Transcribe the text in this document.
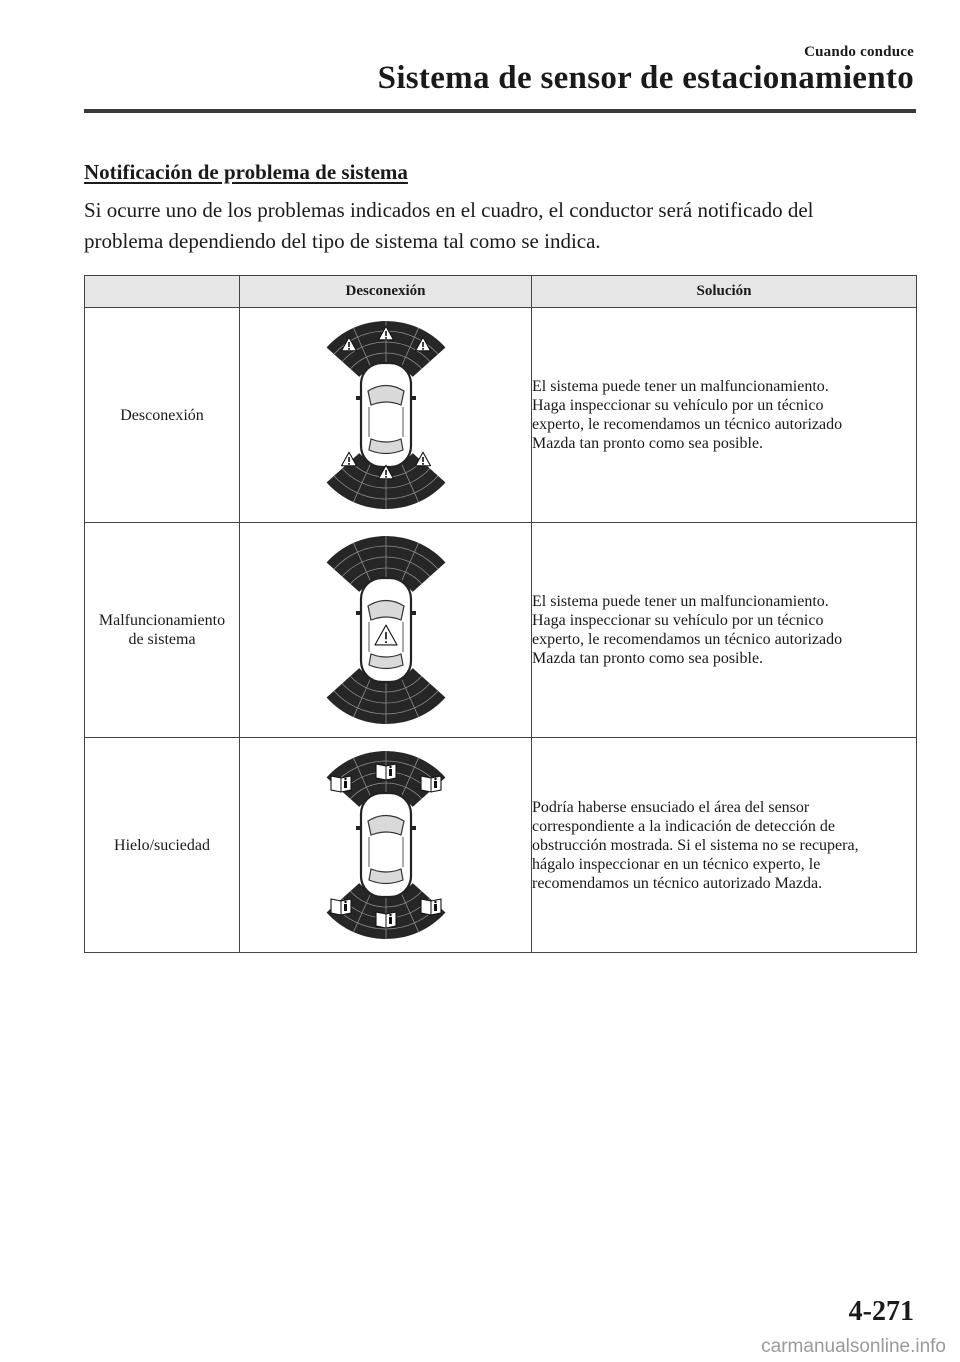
Cuando conduce
Sistema de sensor de estacionamiento
Notificación de problema de sistema

Si ocurre uno de los problemas indicados en el cuadro, el conductor será notificado del
problema dependiendo del tipo de sistema tal como se indica.

	Desconexión	Solución

Desconexión		El sistema puede tener un malfuncionamiento.
Haga inspeccionar su vehículo por un técnico
experto, le recomendamos un técnico autorizado
Mazda tan pronto como sea posible.

Malfuncionamiento
de sistema		El sistema puede tener un malfuncionamiento.
Haga inspeccionar su vehículo por un técnico
experto, le recomendamos un técnico autorizado
Mazda tan pronto como sea posible.

Hielo/suciedad		Podría haberse ensuciado el área del sensor
correspondiente a la indicación de detección de
obstrucción mostrada. Si el sistema no se recupera,
hágalo inspeccionar en un técnico experto, le
recomendamos un técnico autorizado Mazda.
4-271
carmanualsonline.info
